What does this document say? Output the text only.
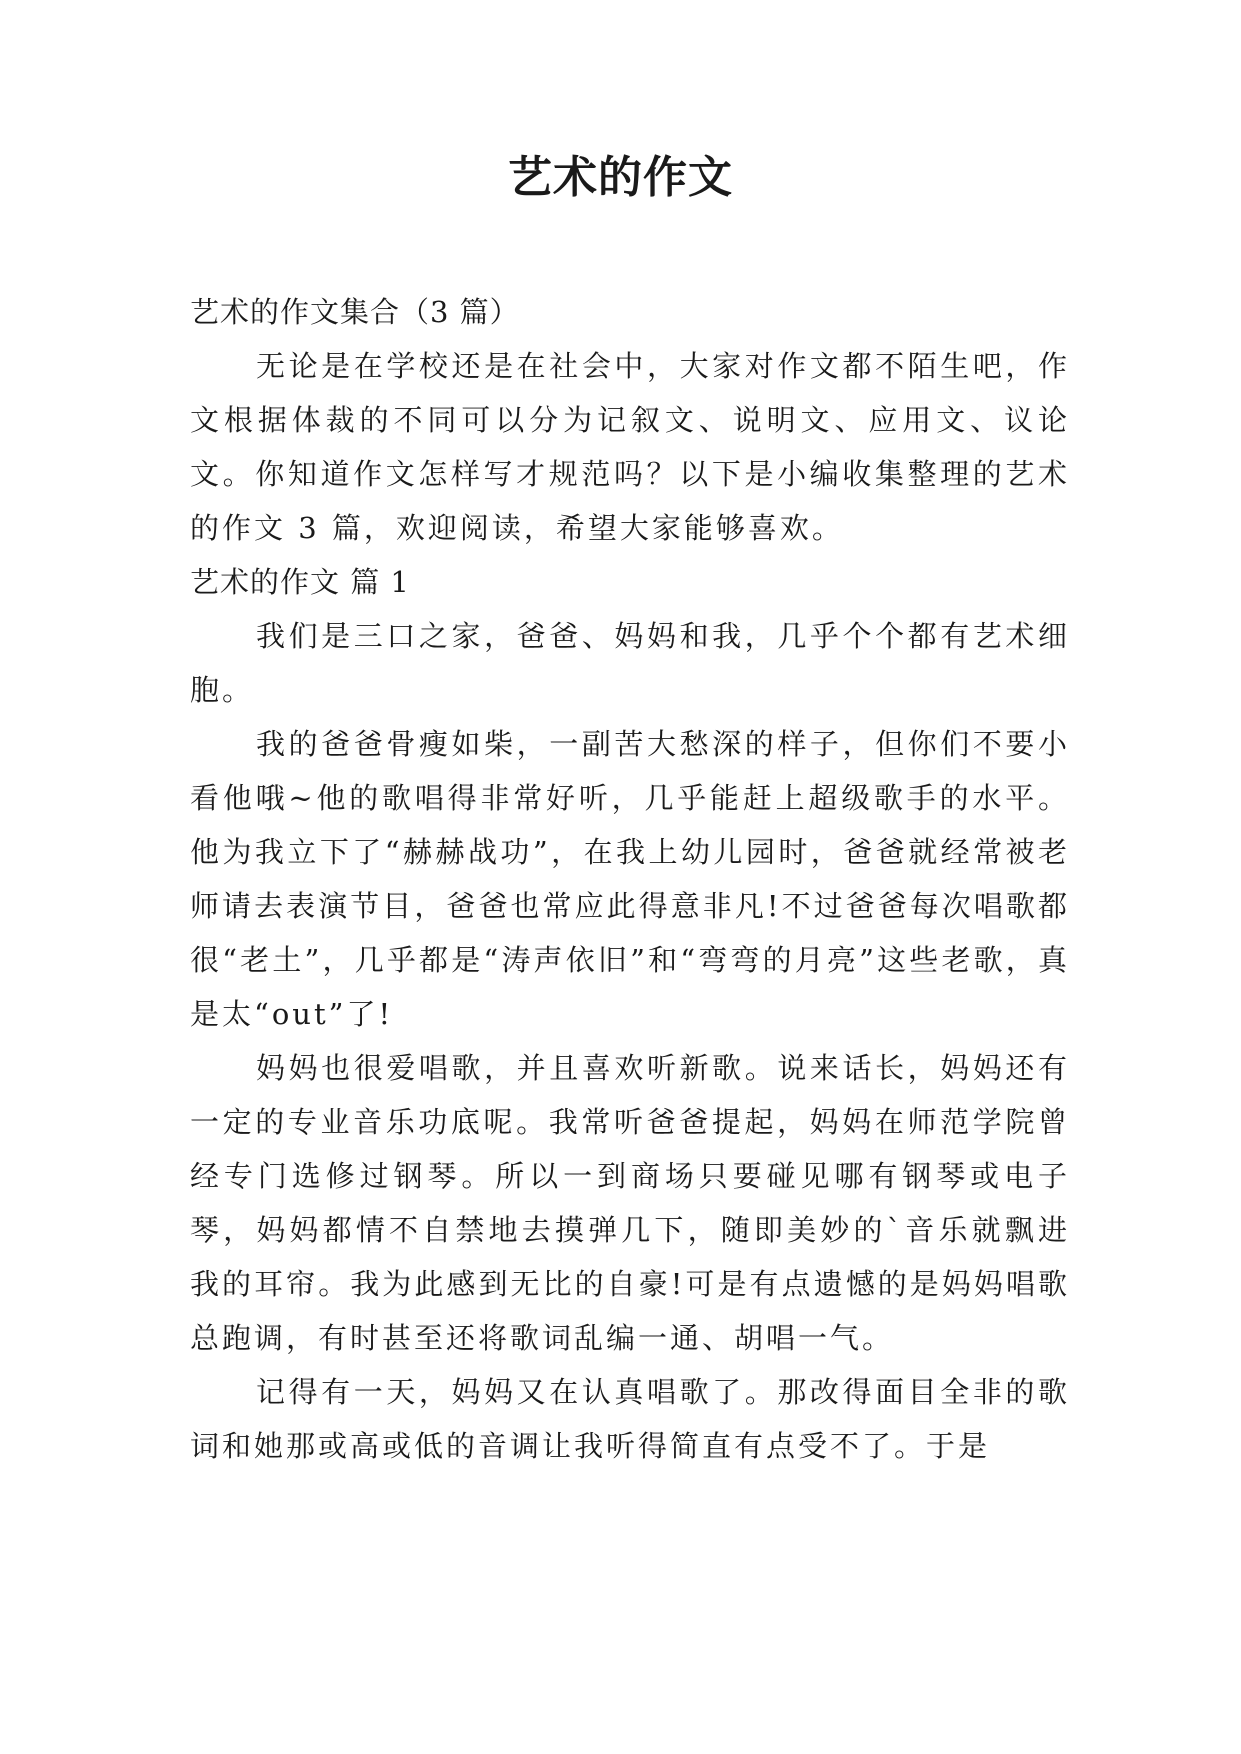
艺术的作文

艺术的作文集合（3 篇）

无论是在学校还是在社会中，大家对作文都不陌生吧，作文根据体裁的不同可以分为记叙文、说明文、应用文、议论文。你知道作文怎样写才规范吗？以下是小编收集整理的艺术的作文 3 篇，欢迎阅读，希望大家能够喜欢。

艺术的作文 篇 1

我们是三口之家，爸爸、妈妈和我，几乎个个都有艺术细胞。

我的爸爸骨瘦如柴，一副苦大愁深的样子，但你们不要小看他哦~他的歌唱得非常好听，几乎能赶上超级歌手的水平。他为我立下了“赫赫战功”，在我上幼儿园时，爸爸就经常被老师请去表演节目，爸爸也常应此得意非凡!不过爸爸每次唱歌都很“老土”，几乎都是“涛声依旧”和“弯弯的月亮”这些老歌，真是太“out”了!

妈妈也很爱唱歌，并且喜欢听新歌。说来话长，妈妈还有一定的专业音乐功底呢。我常听爸爸提起，妈妈在师范学院曾经专门选修过钢琴。所以一到商场只要碰见哪有钢琴或电子琴，妈妈都情不自禁地去摸弹几下，随即美妙的`音乐就飘进我的耳帘。我为此感到无比的自豪!可是有点遗憾的是妈妈唱歌总跑调，有时甚至还将歌词乱编一通、胡唱一气。

记得有一天，妈妈又在认真唱歌了。那改得面目全非的歌词和她那或高或低的音调让我听得简直有点受不了。于是
